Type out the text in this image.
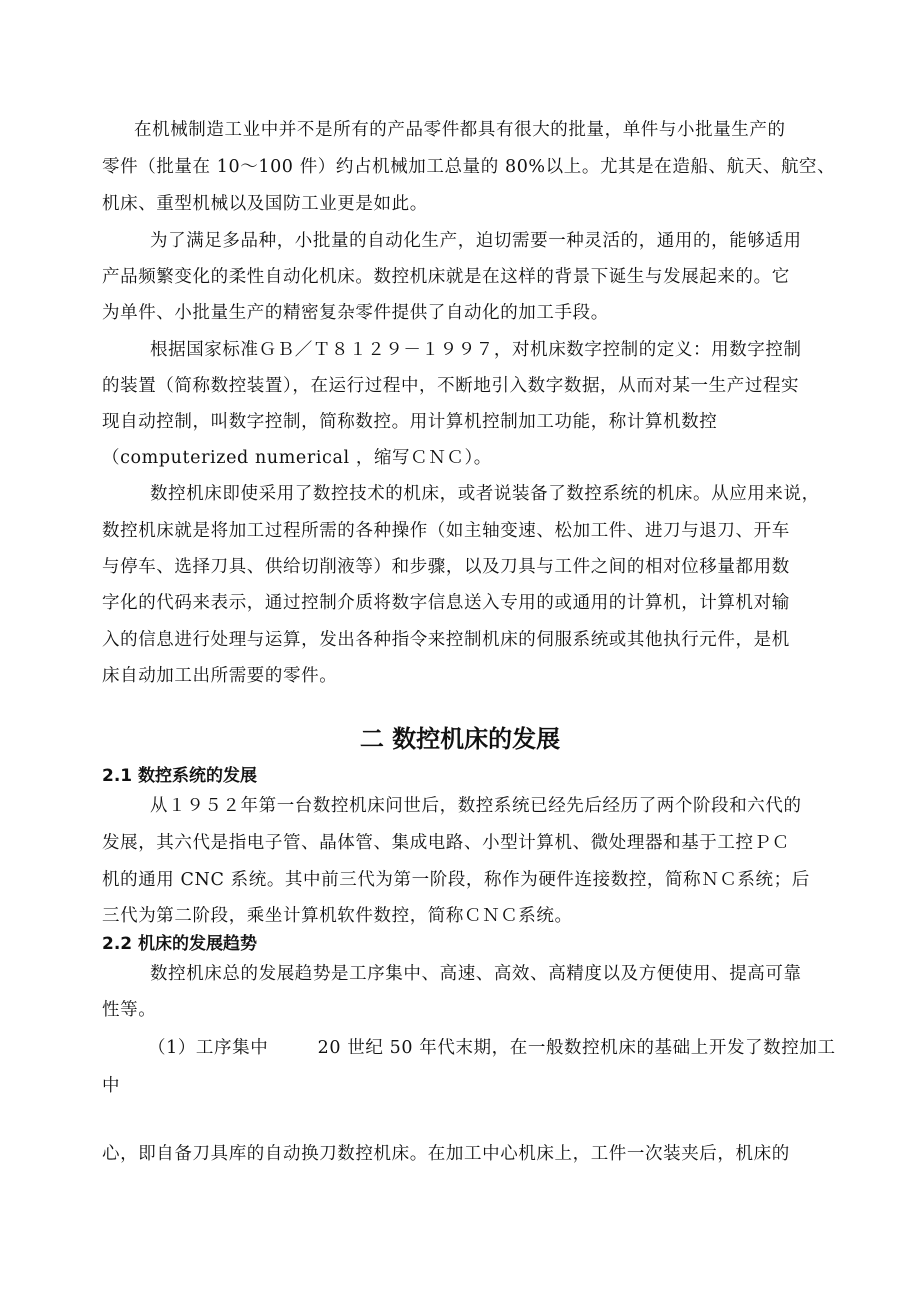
在机械制造工业中并不是所有的产品零件都具有很大的批量，单件与小批量生产的
零件（批量在 10～100 件）约占机械加工总量的 80%以上。尤其是在造船、航天、航空、
机床、重型机械以及国防工业更是如此。
为了满足多品种，小批量的自动化生产，迫切需要一种灵活的，通用的，能够适用
产品频繁变化的柔性自动化机床。数控机床就是在这样的背景下诞生与发展起来的。它
为单件、小批量生产的精密复杂零件提供了自动化的加工手段。
根据国家标准ＧＢ／Ｔ８１２９－１９９７，对机床数字控制的定义：用数字控制
的装置（简称数控装置），在运行过程中，不断地引入数字数据，从而对某一生产过程实
现自动控制，叫数字控制，简称数控。用计算机控制加工功能，称计算机数控
（computerized numerical ，缩写ＣＮＣ）。
数控机床即使采用了数控技术的机床，或者说装备了数控系统的机床。从应用来说，
数控机床就是将加工过程所需的各种操作（如主轴变速、松加工件、进刀与退刀、开车
与停车、选择刀具、供给切削液等）和步骤，以及刀具与工件之间的相对位移量都用数
字化的代码来表示，通过控制介质将数字信息送入专用的或通用的计算机，计算机对输
入的信息进行处理与运算，发出各种指令来控制机床的伺服系统或其他执行元件，是机
床自动加工出所需要的零件。
二 数控机床的发展
2.1 数控系统的发展
从１９５２年第一台数控机床问世后，数控系统已经先后经历了两个阶段和六代的
发展，其六代是指电子管、晶体管、集成电路、小型计算机、微处理器和基于工控ＰＣ
机的通用 CNC 系统。其中前三代为第一阶段，称作为硬件连接数控，简称ＮＣ系统；后
三代为第二阶段，乘坐计算机软件数控，简称ＣＮＣ系统。
2.2 机床的发展趋势
数控机床总的发展趋势是工序集中、高速、高效、高精度以及方便使用、提高可靠
性等。
（1）工序集中        20 世纪 50 年代末期，在一般数控机床的基础上开发了数控加工
中
心，即自备刀具库的自动换刀数控机床。在加工中心机床上，工件一次装夹后，机床的
